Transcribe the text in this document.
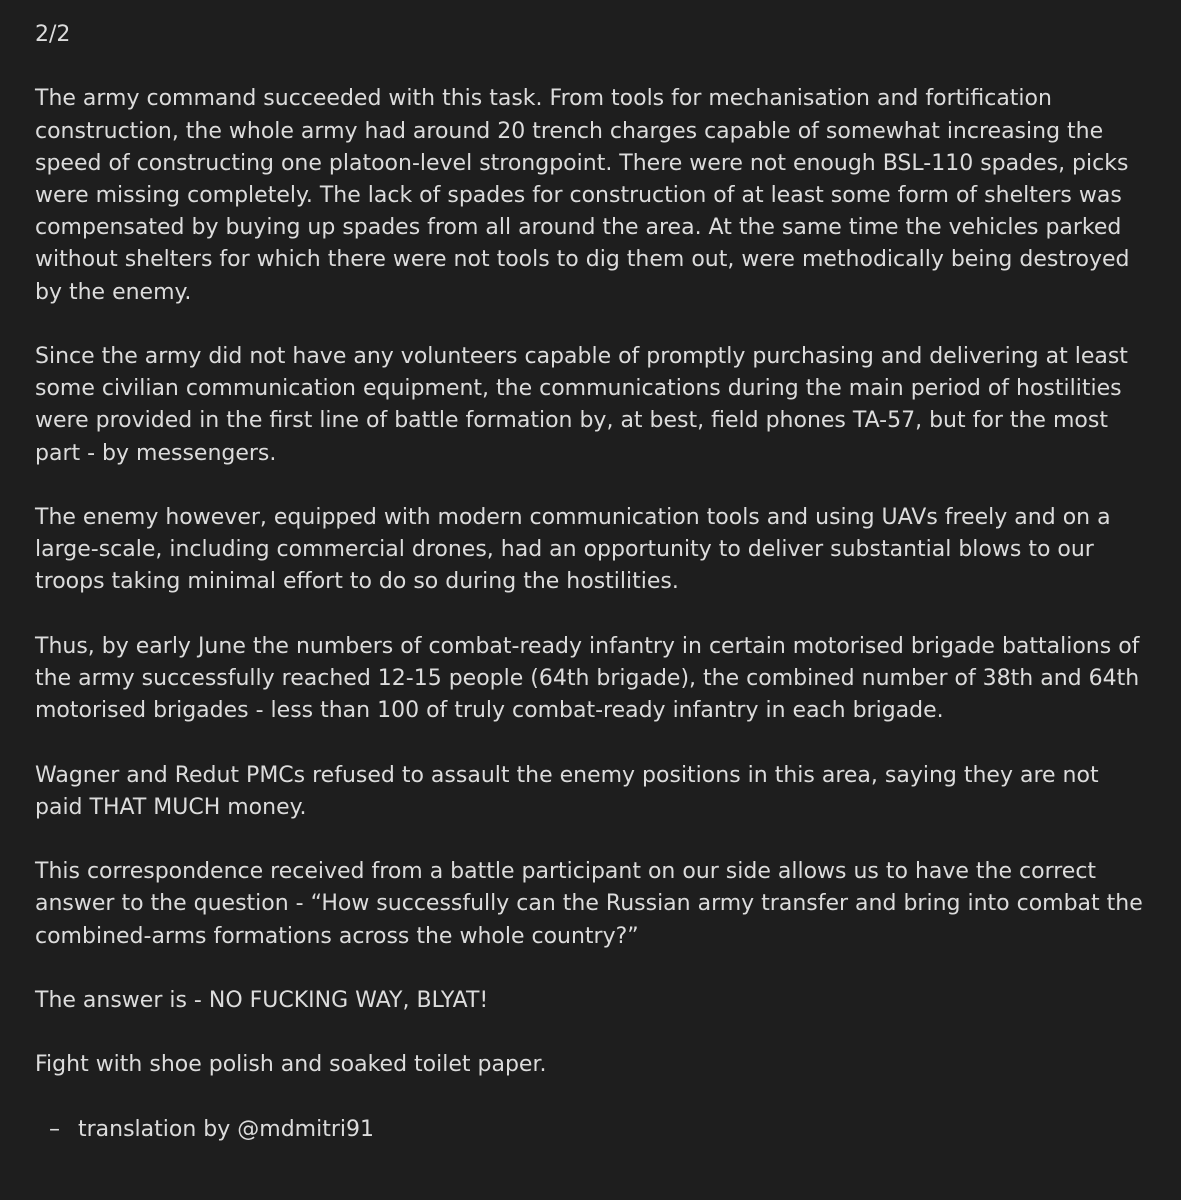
2/2

The army command succeeded with this task. From tools for mechanisation and fortification construction, the whole army had around 20 trench charges capable of somewhat increasing the speed of constructing one platoon-level strongpoint. There were not enough BSL-110 spades, picks were missing completely. The lack of spades for construction of at least some form of shelters was compensated by buying up spades from all around the area. At the same time the vehicles parked without shelters for which there were not tools to dig them out, were methodically being destroyed by the enemy.

Since the army did not have any volunteers capable of promptly purchasing and delivering at least some civilian communication equipment, the communications during the main period of hostilities were provided in the first line of battle formation by, at best, field phones TA-57, but for the most part - by messengers.

The enemy however, equipped with modern communication tools and using UAVs freely and on a large-scale, including commercial drones, had an opportunity to deliver substantial blows to our troops taking minimal effort to do so during the hostilities.

Thus, by early June the numbers of combat-ready infantry in certain motorised brigade battalions of the army successfully reached 12-15 people (64th brigade), the combined number of 38th and 64th motorised brigades - less than 100 of truly combat-ready infantry in each brigade.

Wagner and Redut PMCs refused to assault the enemy positions in this area, saying they are not paid THAT MUCH money.

This correspondence received from a battle participant on our side allows us to have the correct answer to the question - “How successfully can the Russian army transfer and bring into combat the combined-arms formations across the whole country?”

The answer is - NO FUCKING WAY, BLYAT!

Fight with shoe polish and soaked toilet paper.

– translation by @mdmitri91
